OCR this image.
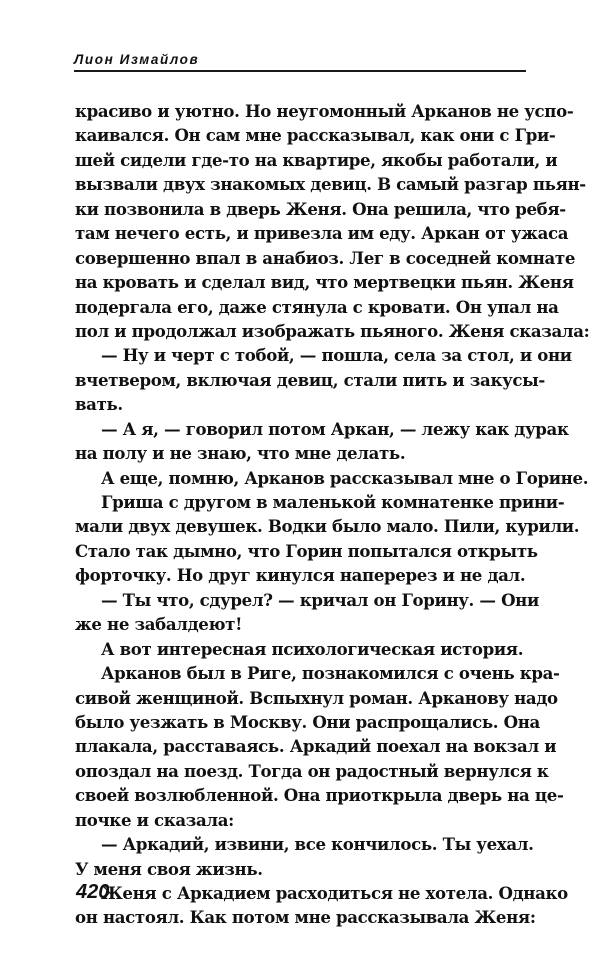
Лион Измайлов
красиво и уютно. Но неугомонный Арканов не успо-
каивался. Он сам мне рассказывал, как они с Гри-
шей сидели где-то на квартире, якобы работали, и
вызвали двух знакомых девиц. В самый разгар пьян-
ки позвонила в дверь Женя. Она решила, что ребя-
там нечего есть, и привезла им еду. Аркан от ужаса
совершенно впал в анабиоз. Лег в соседней комнате
на кровать и сделал вид, что мертвецки пьян. Женя
подергала его, даже стянула с кровати. Он упал на
пол и продолжал изображать пьяного. Женя сказала:
— Ну и черт с тобой, — пошла, села за стол, и они
вчетвером, включая девиц, стали пить и закусы-
вать.
— А я, — говорил потом Аркан, — лежу как дурак
на полу и не знаю, что мне делать.
А еще, помню, Арканов рассказывал мне о Горине.
Гриша с другом в маленькой комнатенке прини-
мали двух девушек. Водки было мало. Пили, курили.
Стало так дымно, что Горин попытался открыть
форточку. Но друг кинулся наперерез и не дал.
— Ты что, сдурел? — кричал он Горину. — Они
же не забалдеют!
А вот интересная психологическая история.
Арканов был в Риге, познакомился с очень кра-
сивой женщиной. Вспыхнул роман. Арканову надо
было уезжать в Москву. Они распрощались. Она
плакала, расставаясь. Аркадий поехал на вокзал и
опоздал на поезд. Тогда он радостный вернулся к
своей возлюбленной. Она приоткрыла дверь на це-
почке и сказала:
— Аркадий, извини, все кончилось. Ты уехал.
У меня своя жизнь.
Женя с Аркадием расходиться не хотела. Однако
он настоял. Как потом мне рассказывала Женя:
420
